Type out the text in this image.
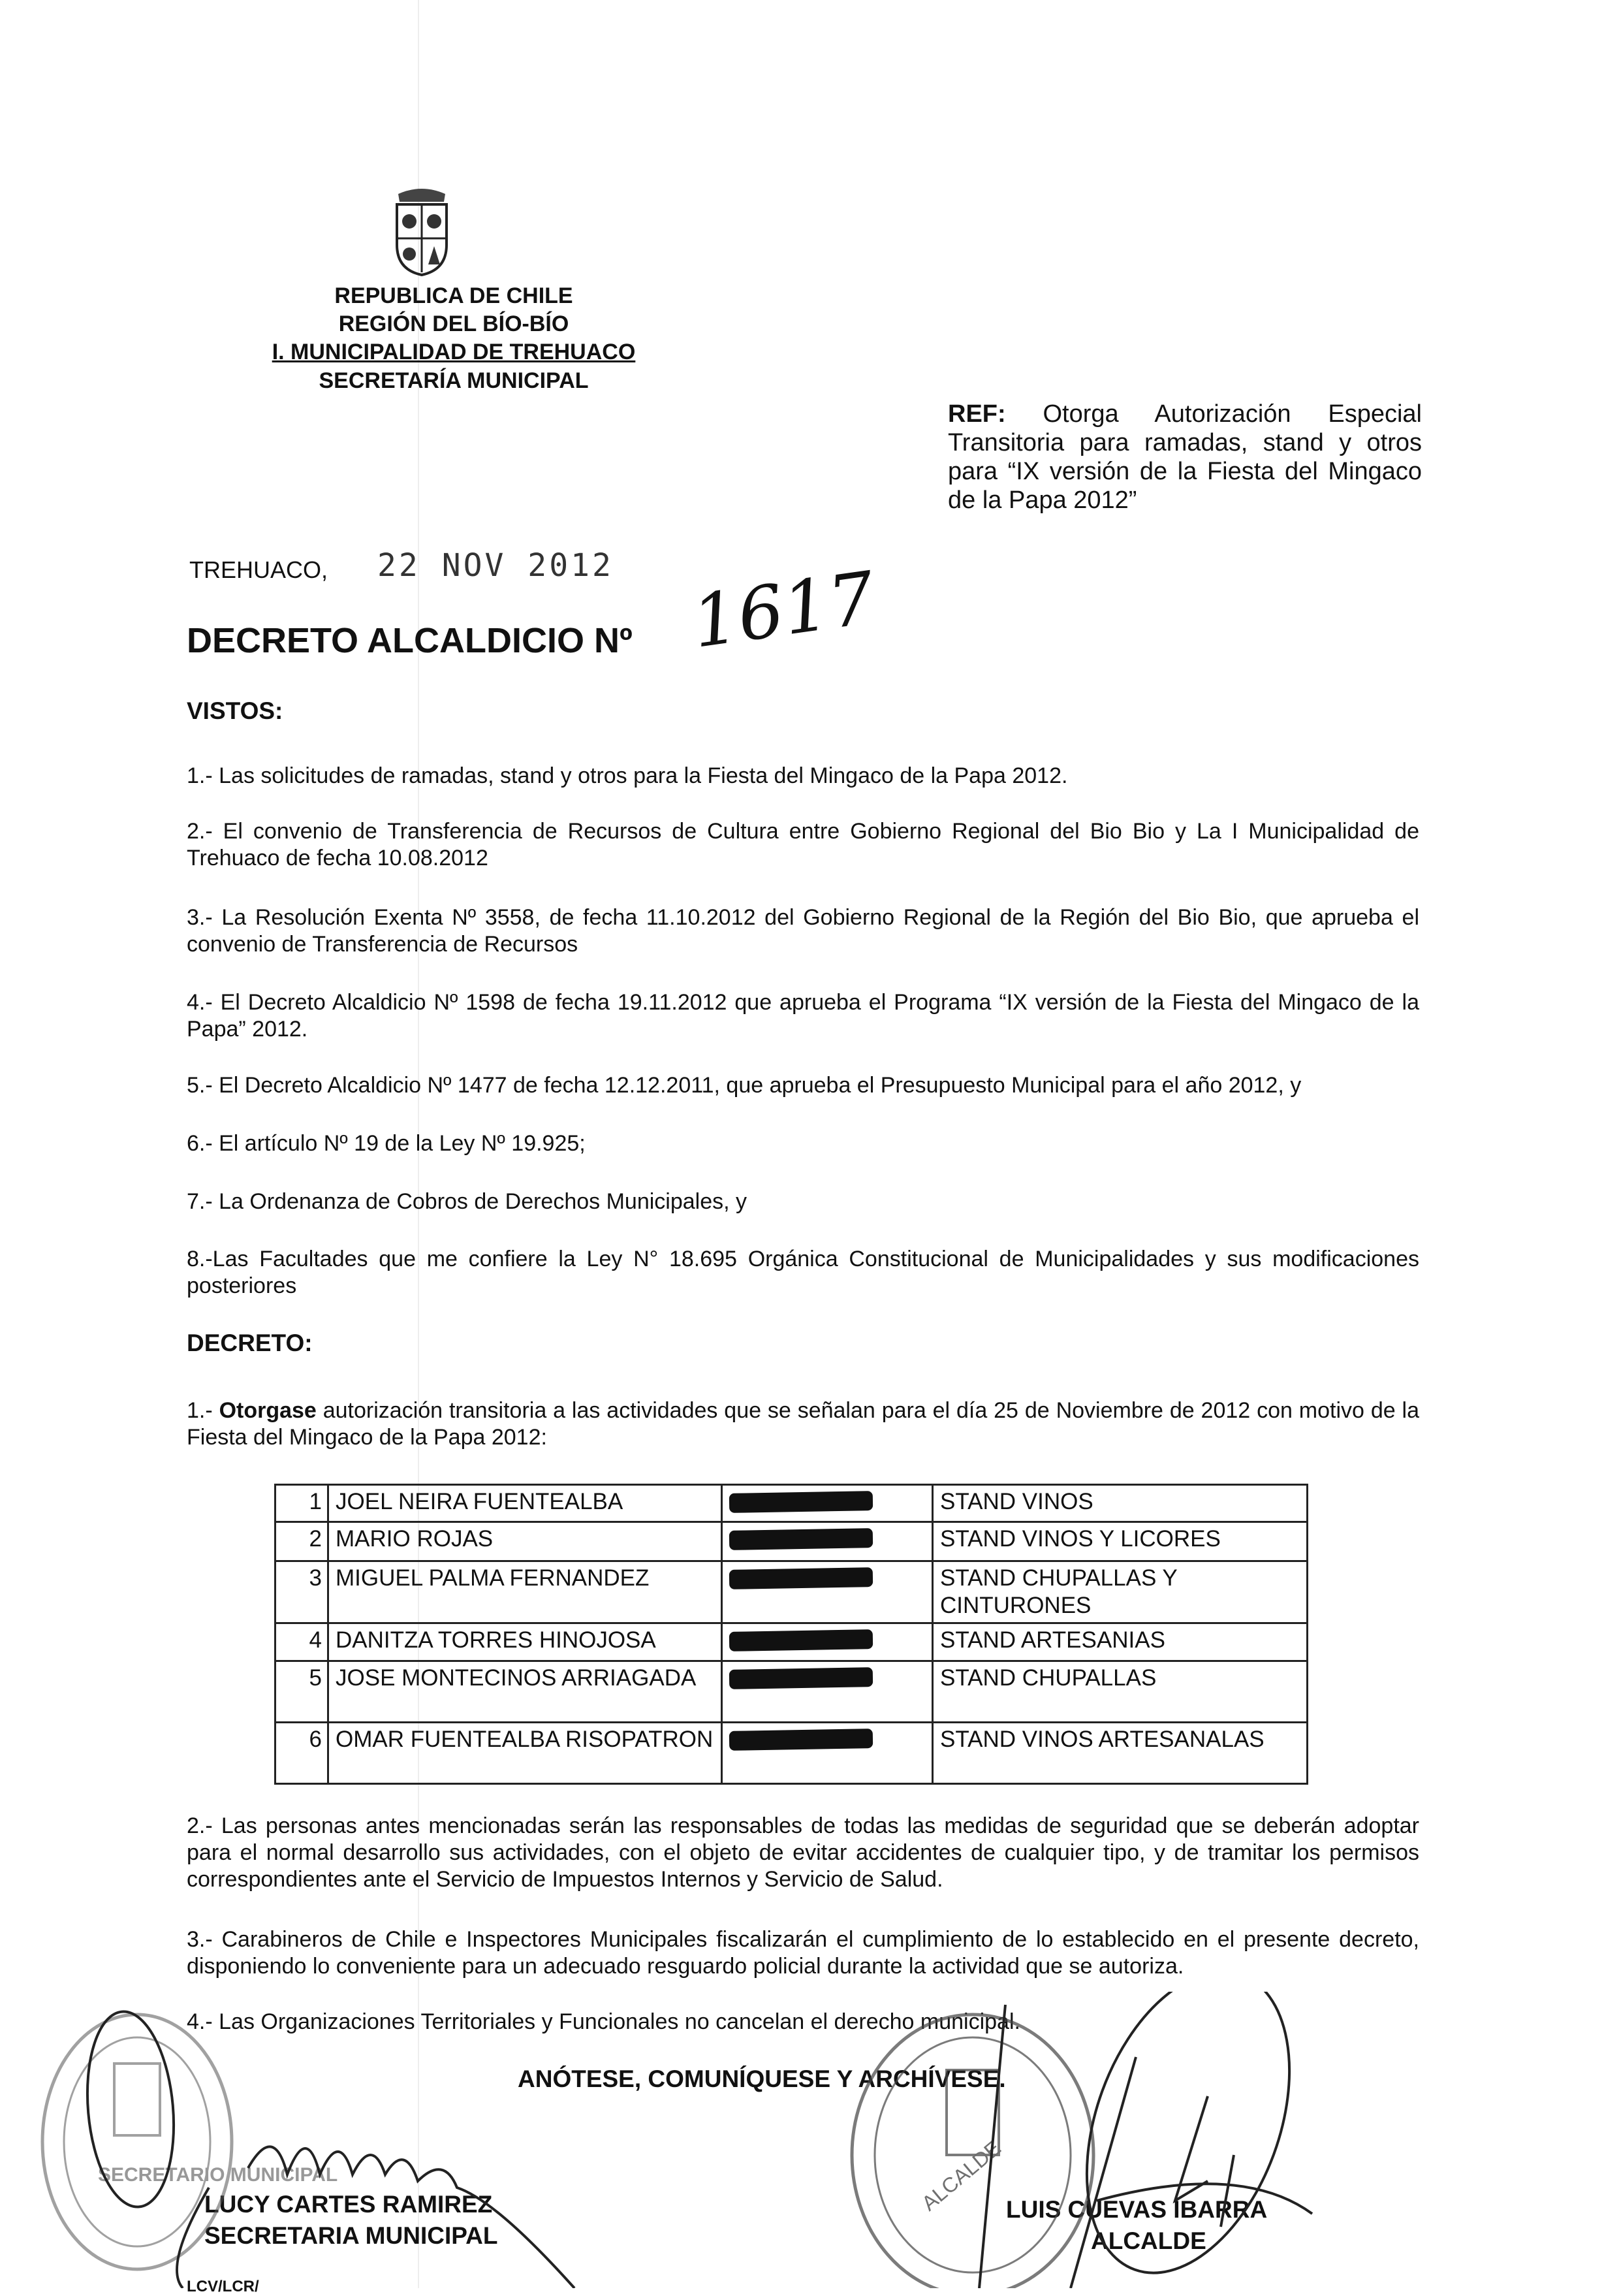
REPUBLICA DE CHILE
REGIÓN DEL BÍO-BÍO
I. MUNICIPALIDAD DE TREHUACO
SECRETARÍA MUNICIPAL
REF: Otorga Autorización Especial Transitoria para ramadas, stand y otros para “IX versión de la Fiesta del Mingaco de la Papa 2012”
TREHUACO, 22 NOV 2012
DECRETO ALCALDICIO Nº 1617
VISTOS:
1.- Las solicitudes de ramadas, stand y otros para la Fiesta del Mingaco de la Papa 2012.
2.- El convenio de Transferencia de Recursos de Cultura entre Gobierno Regional del Bio Bio y La I Municipalidad de Trehuaco de fecha 10.08.2012
3.- La Resolución Exenta Nº 3558, de fecha 11.10.2012 del Gobierno Regional de la Región del Bio Bio, que aprueba el convenio de Transferencia de Recursos
4.- El Decreto Alcaldicio Nº 1598 de fecha 19.11.2012 que aprueba el Programa “IX versión de la Fiesta del Mingaco de la Papa” 2012.
5.- El Decreto Alcaldicio Nº 1477 de fecha 12.12.2011, que aprueba el Presupuesto Municipal para el año 2012, y
6.- El artículo Nº 19 de la Ley Nº 19.925;
7.- La Ordenanza de Cobros de Derechos Municipales, y
8.-Las Facultades que me confiere la Ley N° 18.695 Orgánica Constitucional de Municipalidades y sus modificaciones posteriores
DECRETO:
1.- Otorgase autorización transitoria a las actividades que se señalan para el día 25 de Noviembre de 2012 con motivo de la Fiesta del Mingaco de la Papa 2012:
1	JOEL NEIRA FUENTEALBA		STAND VINOS
2	MARIO ROJAS		STAND VINOS Y LICORES
3	MIGUEL PALMA FERNANDEZ		STAND CHUPALLAS Y CINTURONES
4	DANITZA TORRES HINOJOSA		STAND ARTESANIAS
5	JOSE MONTECINOS ARRIAGADA		STAND CHUPALLAS
6	OMAR FUENTEALBA RISOPATRON		STAND VINOS ARTESANALAS
2.- Las personas antes mencionadas serán las responsables de todas las medidas de seguridad que se deberán adoptar para el normal desarrollo sus actividades, con el objeto de evitar accidentes de cualquier tipo, y de tramitar los permisos correspondientes ante el Servicio de Impuestos Internos y Servicio de Salud.
3.- Carabineros de Chile e Inspectores Municipales fiscalizarán el cumplimiento de lo establecido en el presente decreto, disponiendo lo conveniente para un adecuado resguardo policial durante la actividad que se autoriza.
4.- Las Organizaciones Territoriales y Funcionales no cancelan el derecho municipal.
ANÓTESE, COMUNÍQUESE Y ARCHÍVESE.
LUCY CARTES RAMIREZ
SECRETARIA MUNICIPAL
LUIS CUEVAS IBARRA
ALCALDE
LCV/LCR/
SECRETARIO MUNICIPAL	ALCALDE
